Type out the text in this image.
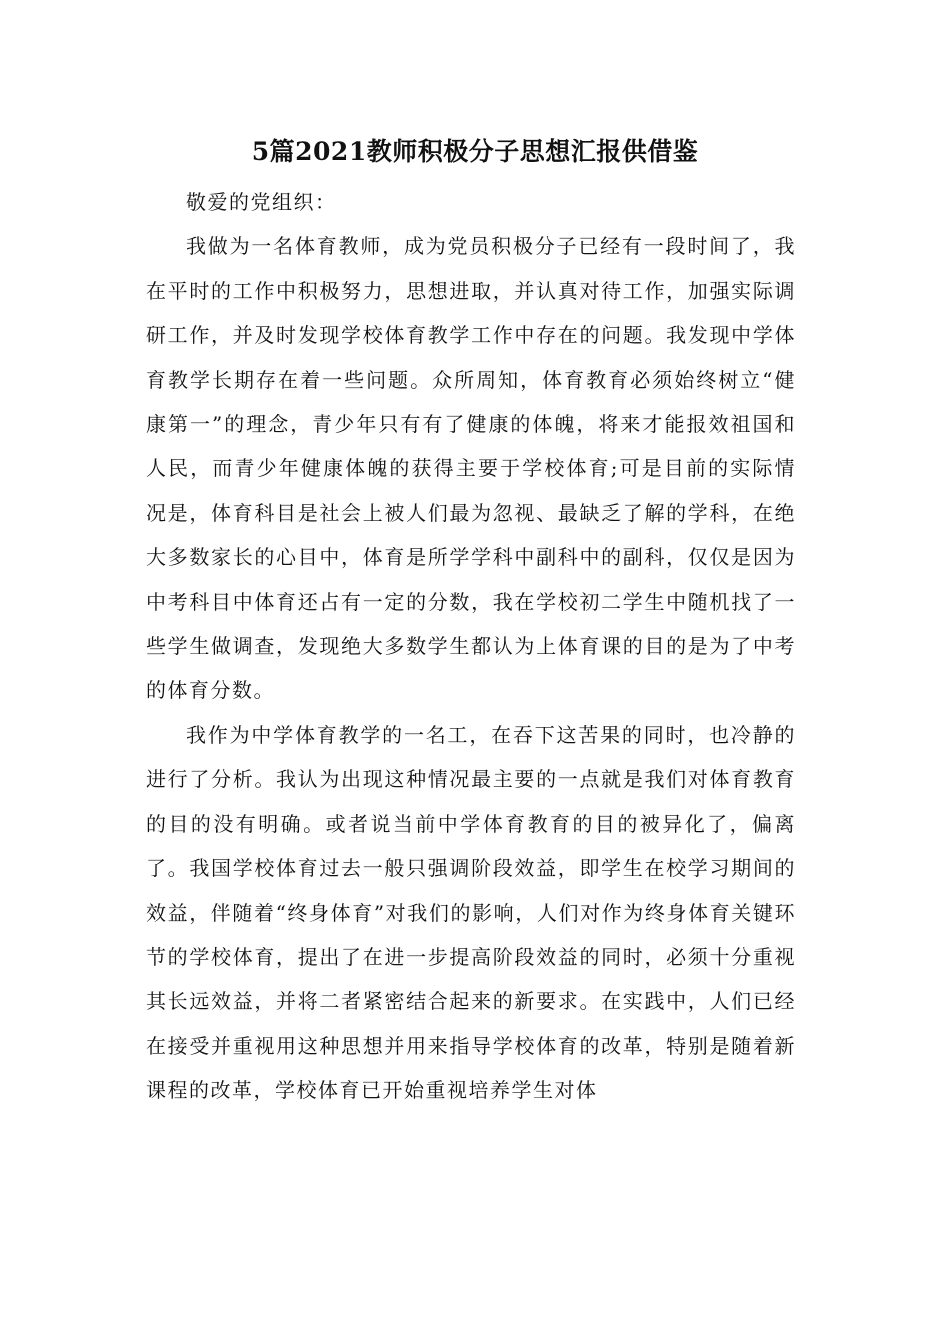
5篇2021教师积极分子思想汇报供借鉴

敬爱的党组织：

我做为一名体育教师，成为党员积极分子已经有一段时间了，我在平时的工作中积极努力，思想进取，并认真对待工作，加强实际调研工作，并及时发现学校体育教学工作中存在的问题。我发现中学体育教学长期存在着一些问题。众所周知，体育教育必须始终树立“健康第一”的理念，青少年只有有了健康的体魄，将来才能报效祖国和人民，而青少年健康体魄的获得主要于学校体育;可是目前的实际情况是，体育科目是社会上被人们最为忽视、最缺乏了解的学科，在绝大多数家长的心目中，体育是所学学科中副科中的副科，仅仅是因为中考科目中体育还占有一定的分数，我在学校初二学生中随机找了一些学生做调查，发现绝大多数学生都认为上体育课的目的是为了中考的体育分数。

我作为中学体育教学的一名工，在吞下这苦果的同时，也冷静的进行了分析。我认为出现这种情况最主要的一点就是我们对体育教育的目的没有明确。或者说当前中学体育教育的目的被异化了，偏离了。我国学校体育过去一般只强调阶段效益，即学生在校学习期间的效益，伴随着“终身体育”对我们的影响，人们对作为终身体育关键环节的学校体育，提出了在进一步提高阶段效益的同时，必须十分重视其长远效益，并将二者紧密结合起来的新要求。在实践中，人们已经在接受并重视用这种思想并用来指导学校体育的改革，特别是随着新课程的改革，学校体育已开始重视培养学生对体
